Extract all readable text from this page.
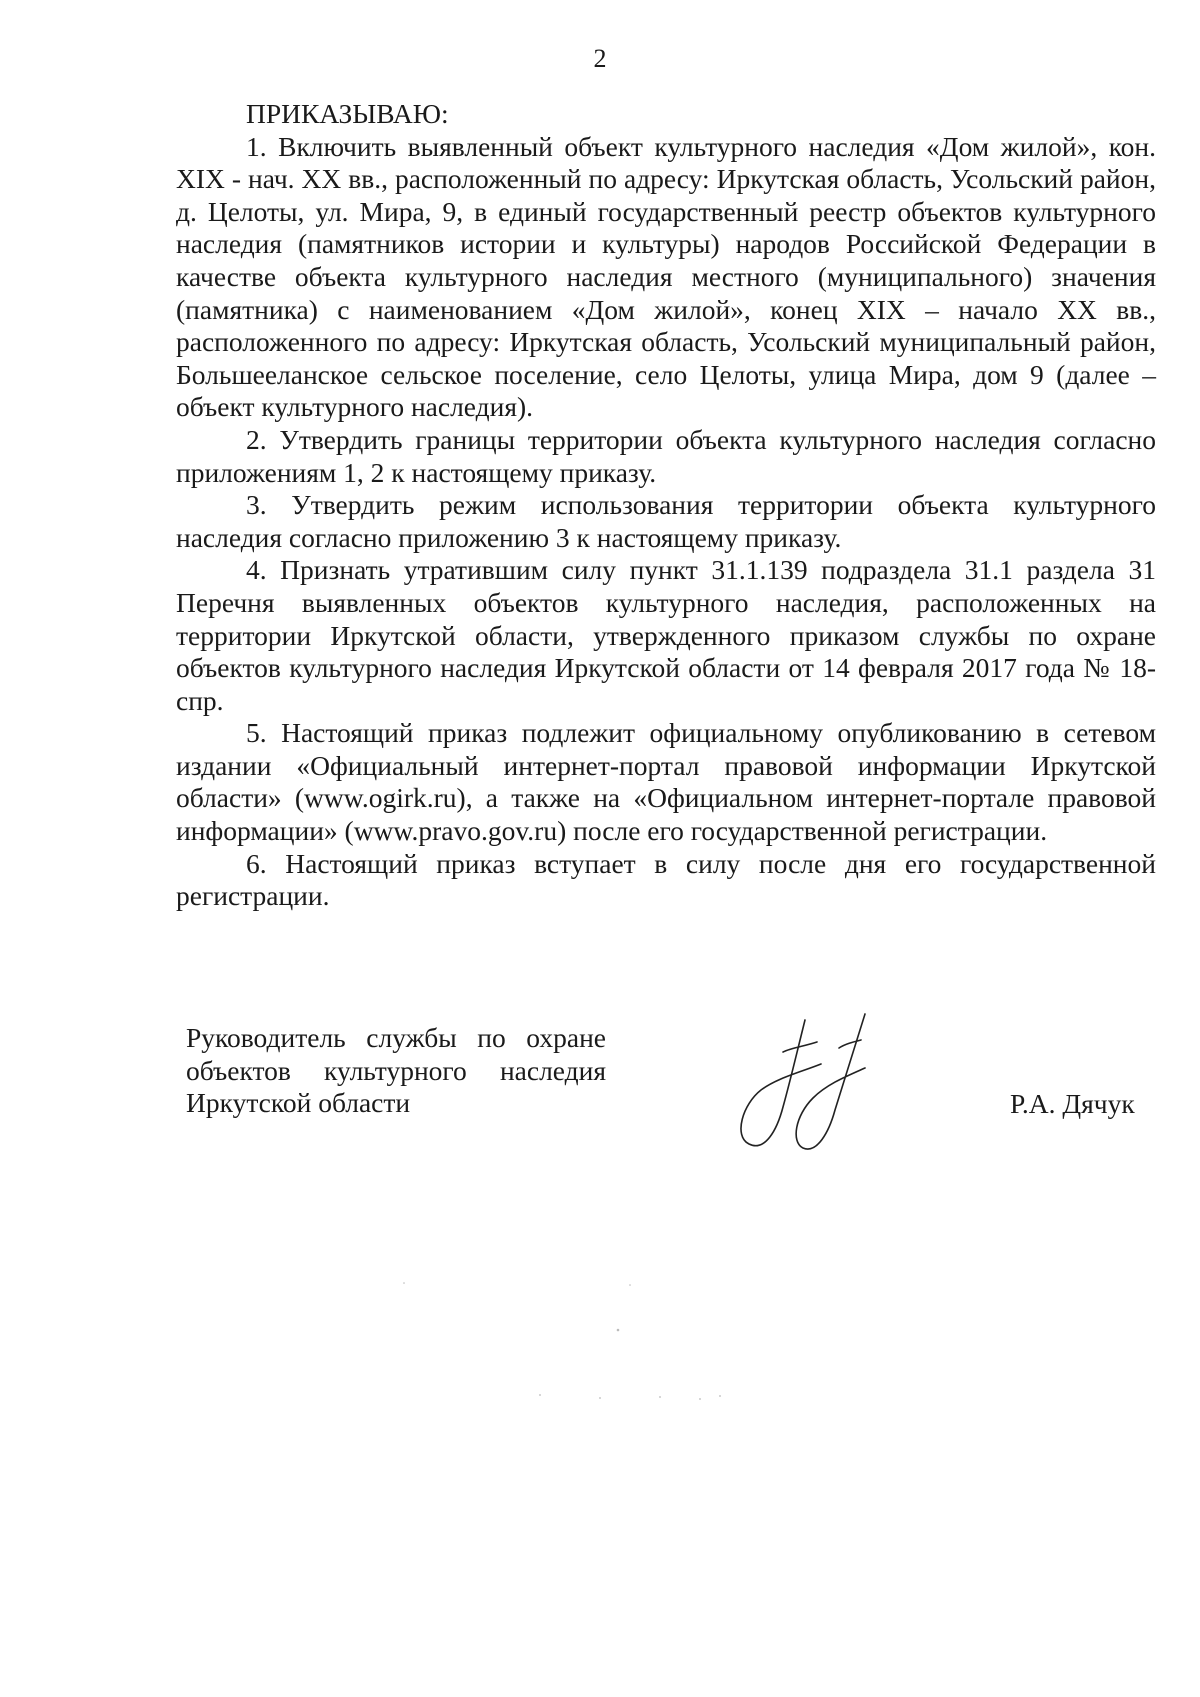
2

ПРИКАЗЫВАЮ:

1. Включить выявленный объект культурного наследия «Дом жилой», кон. XIX - нач. XX вв., расположенный по адресу: Иркутская область, Усольский район, д. Целоты, ул. Мира, 9, в единый государственный реестр объектов культурного наследия (памятников истории и культуры) народов Российской Федерации в качестве объекта культурного наследия местного (муниципального) значения (памятника) с наименованием «Дом жилой», конец XIX – начало XX вв., расположенного по адресу: Иркутская область, Усольский муниципальный район, Большееланское сельское поселение, село Целоты, улица Мира, дом 9 (далее – объект культурного наследия).

2. Утвердить границы территории объекта культурного наследия согласно приложениям 1, 2 к настоящему приказу.

3. Утвердить режим использования территории объекта культурного наследия согласно приложению 3 к настоящему приказу.

4. Признать утратившим силу пункт 31.1.139 подраздела 31.1 раздела 31 Перечня выявленных объектов культурного наследия, расположенных на территории Иркутской области, утвержденного приказом службы по охране объектов культурного наследия Иркутской области от 14 февраля 2017 года № 18-спр.

5. Настоящий приказ подлежит официальному опубликованию в сетевом издании «Официальный интернет-портал правовой информации Иркутской области» (www.ogirk.ru), а также на «Официальном интернет-портале правовой информации» (www.pravo.gov.ru) после его государственной регистрации.

6. Настоящий приказ вступает в силу после дня его государственной регистрации.

Руководитель службы по охране объектов культурного наследия Иркутской области	Р.А. Дячук
